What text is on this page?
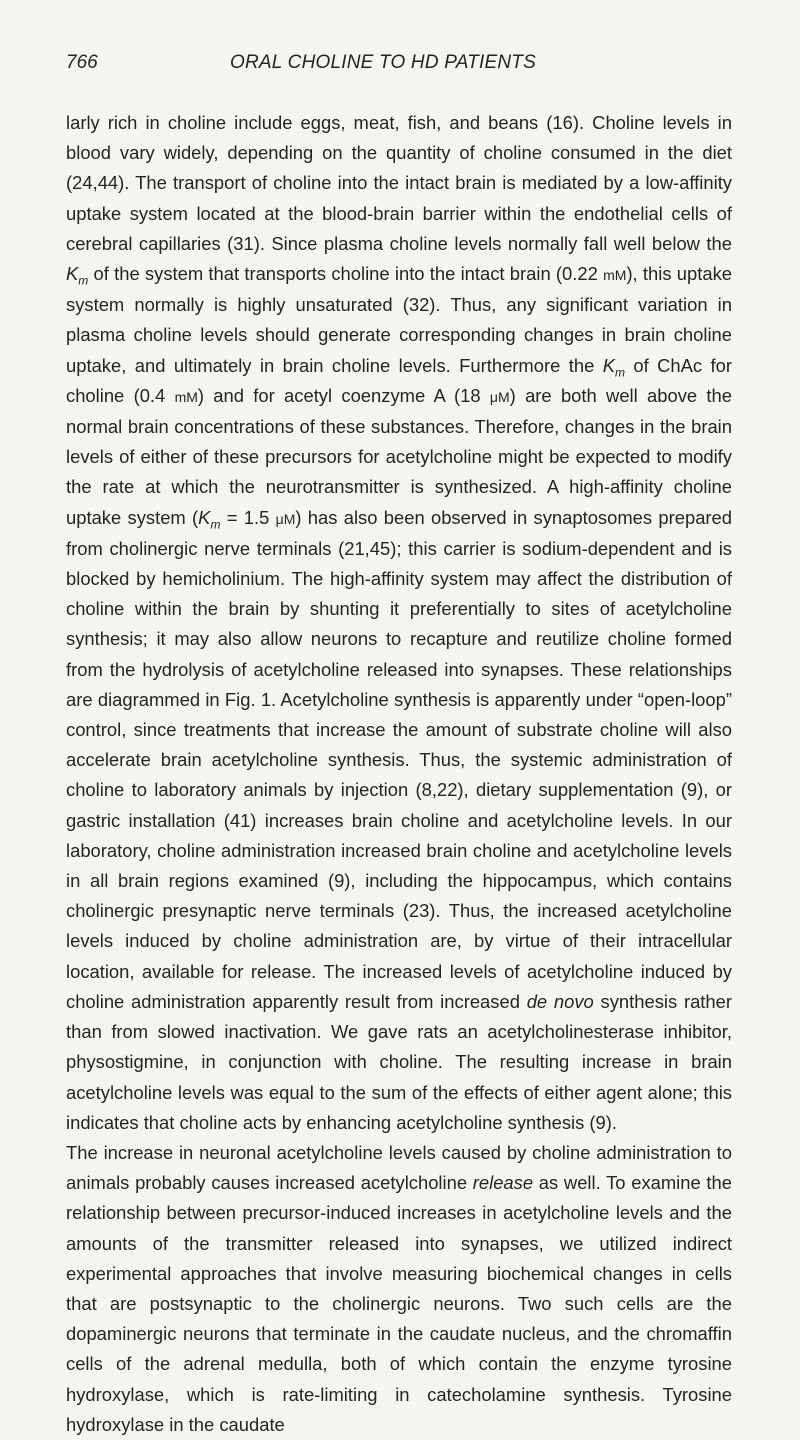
766	ORAL CHOLINE TO HD PATIENTS

larly rich in choline include eggs, meat, fish, and beans (16). Choline levels in blood vary widely, depending on the quantity of choline consumed in the diet (24,44). The transport of choline into the intact brain is mediated by a low-affinity uptake system located at the blood-brain barrier within the endothelial cells of cerebral capillaries (31). Since plasma choline levels normally fall well below the $K_m$ of the system that transports choline into the intact brain (0.22 mM), this uptake system normally is highly unsaturated (32). Thus, any significant variation in plasma choline levels should generate corresponding changes in brain choline uptake, and ultimately in brain choline levels. Furthermore the $K_m$ of ChAc for choline (0.4 mM) and for acetyl coenzyme A (18 μM) are both well above the normal brain concentrations of these substances. Therefore, changes in the brain levels of either of these precursors for acetylcholine might be expected to modify the rate at which the neurotransmitter is synthesized. A high-affinity choline uptake system ($K_m = 1.5$ μM) has also been observed in synaptosomes prepared from cholinergic nerve terminals (21,45); this carrier is sodium-dependent and is blocked by hemicholinium. The high-affinity system may affect the distribution of choline within the brain by shunting it preferentially to sites of acetylcholine synthesis; it may also allow neurons to recapture and reutilize choline formed from the hydrolysis of acetylcholine released into synapses. These relationships are diagrammed in Fig. 1. Acetylcholine synthesis is apparently under “open-loop” control, since treatments that increase the amount of substrate choline will also accelerate brain acetylcholine synthesis. Thus, the systemic administration of choline to laboratory animals by injection (8,22), dietary supplementation (9), or gastric installation (41) increases brain choline and acetylcholine levels. In our laboratory, choline administration increased brain choline and acetylcholine levels in all brain regions examined (9), including the hippocampus, which contains cholinergic presynaptic nerve terminals (23). Thus, the increased acetylcholine levels induced by choline administration are, by virtue of their intracellular location, available for release. The increased levels of acetylcholine induced by choline administration apparently result from increased de novo synthesis rather than from slowed inactivation. We gave rats an acetylcholinesterase inhibitor, physostigmine, in conjunction with choline. The resulting increase in brain acetylcholine levels was equal to the sum of the effects of either agent alone; this indicates that choline acts by enhancing acetylcholine synthesis (9).

The increase in neuronal acetylcholine levels caused by choline administration to animals probably causes increased acetylcholine release as well. To examine the relationship between precursor-induced increases in acetylcholine levels and the amounts of the transmitter released into synapses, we utilized indirect experimental approaches that involve measuring biochemical changes in cells that are postsynaptic to the cholinergic neurons. Two such cells are the dopaminergic neurons that terminate in the caudate nucleus, and the chromaffin cells of the adrenal medulla, both of which contain the enzyme tyrosine hydroxylase, which is rate-limiting in catecholamine synthesis. Tyrosine hydroxylase in the caudate
